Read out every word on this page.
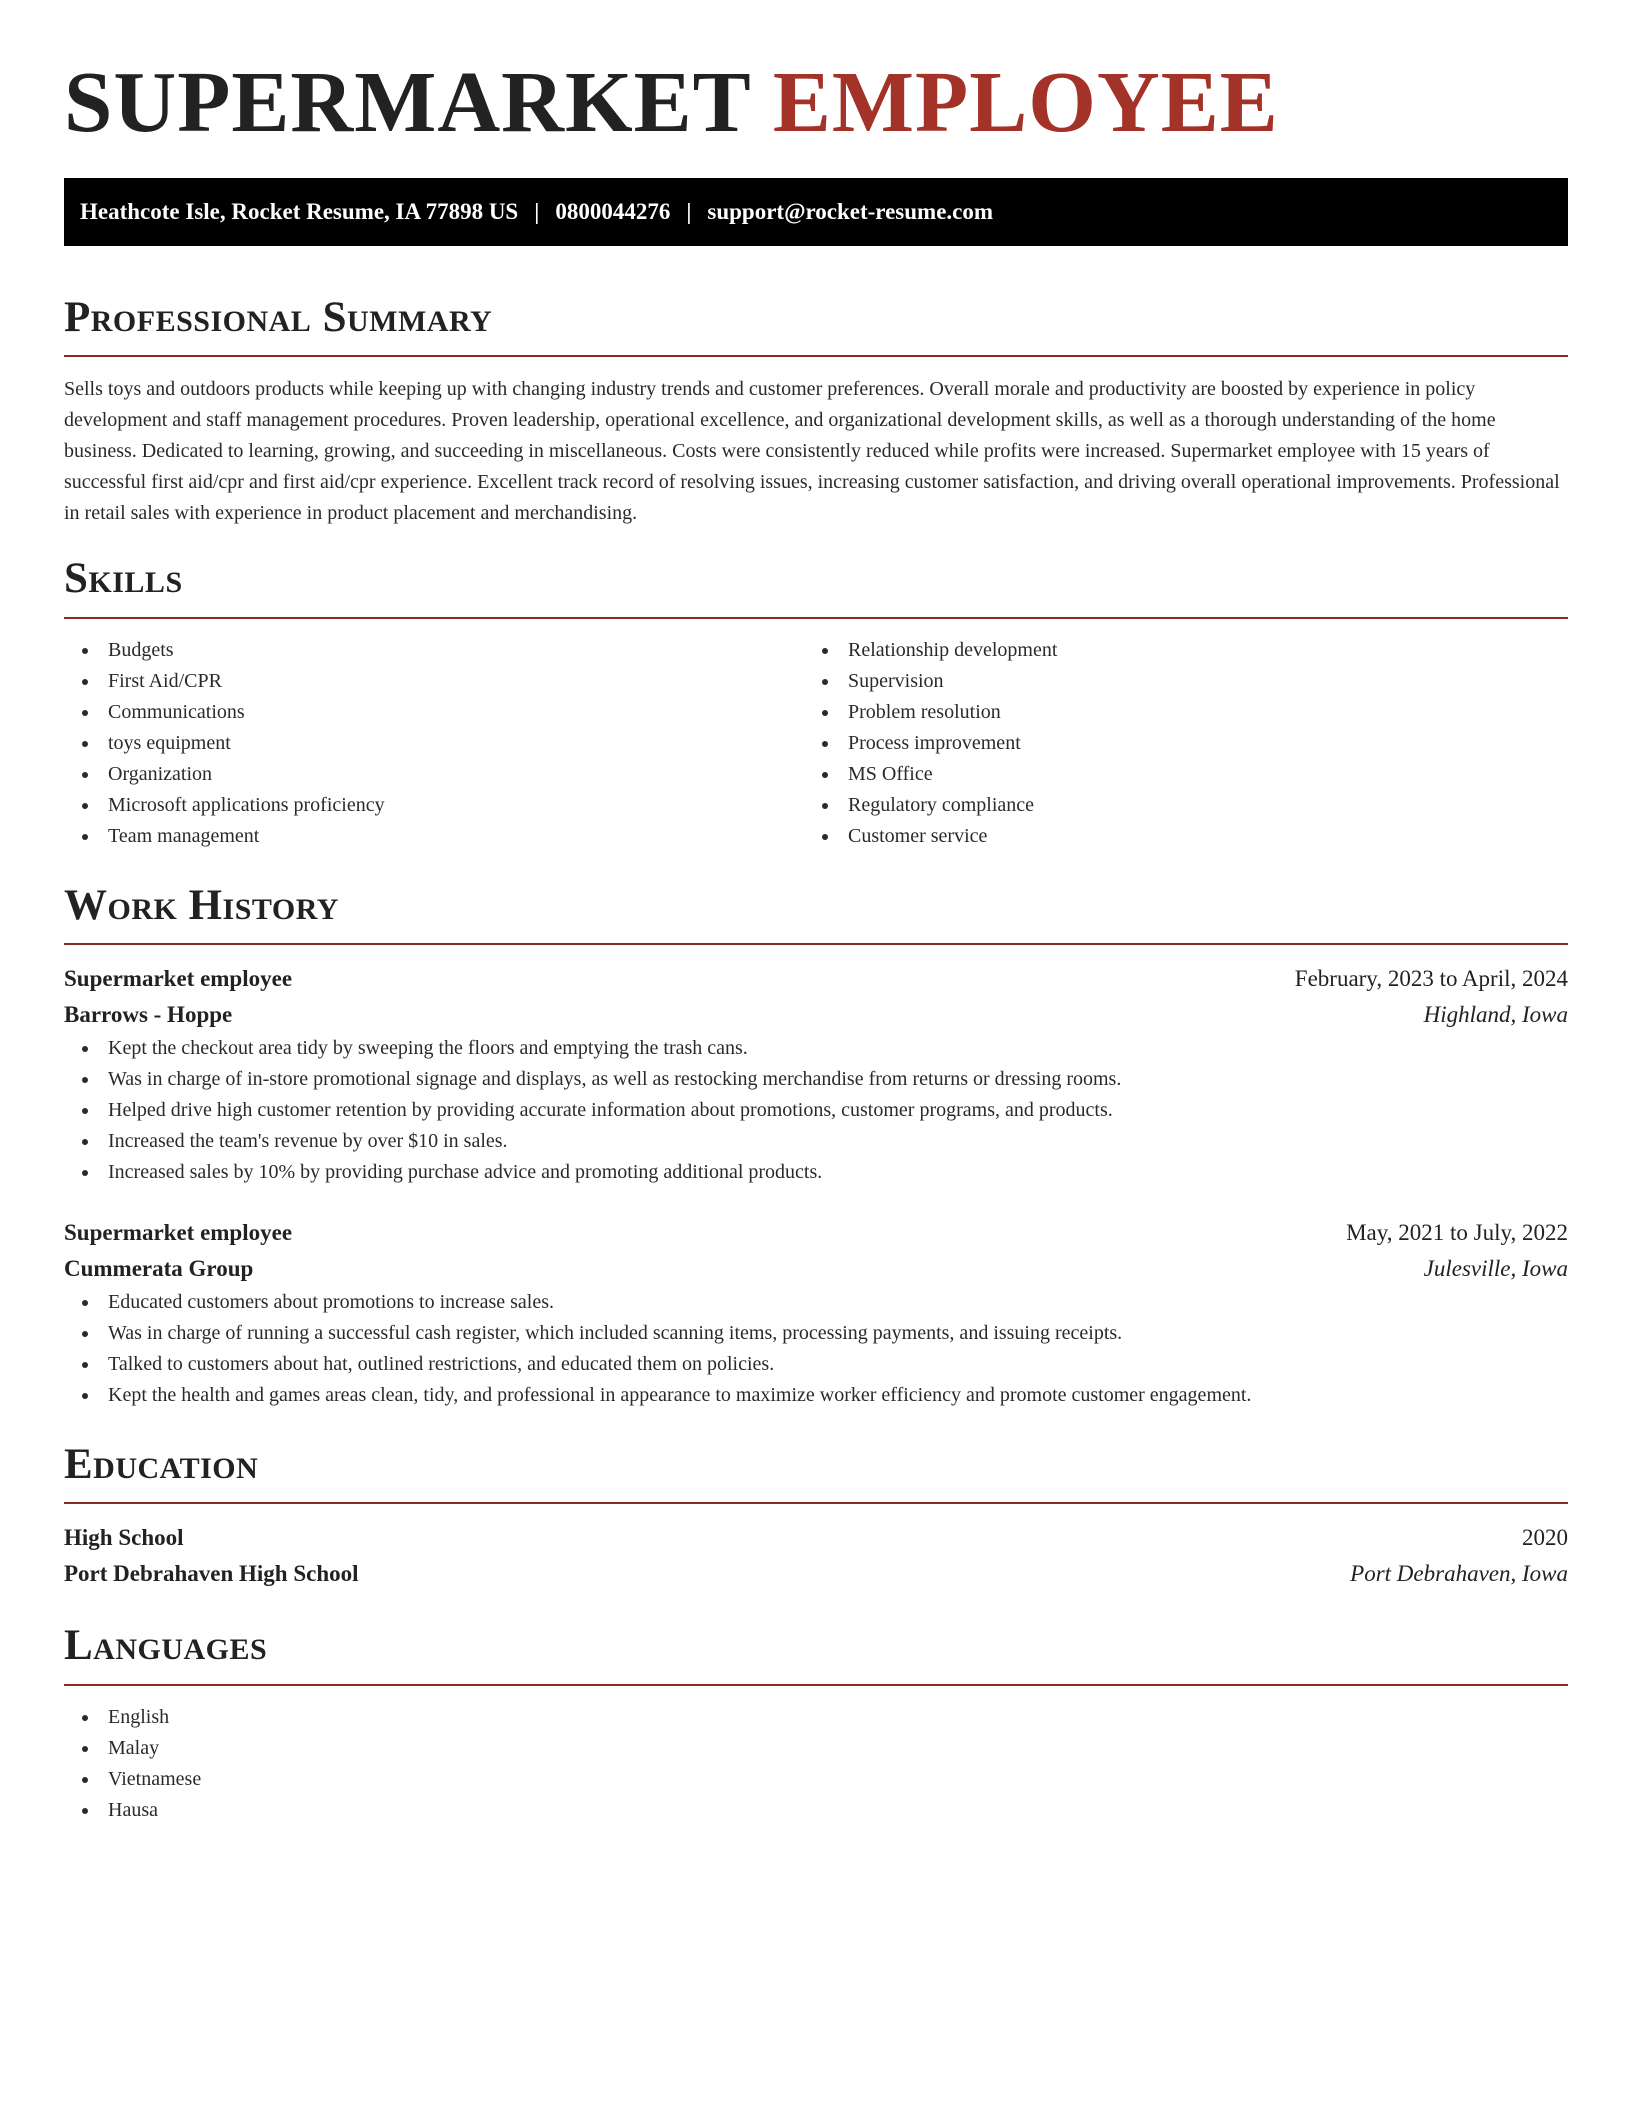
SUPERMARKET EMPLOYEE
Heathcote Isle, Rocket Resume, IA 77898 US | 0800044276 | support@rocket-resume.com
Professional Summary

Sells toys and outdoors products while keeping up with changing industry trends and customer preferences. Overall morale and productivity are boosted by experience in policy development and staff management procedures. Proven leadership, operational excellence, and organizational development skills, as well as a thorough understanding of the home business. Dedicated to learning, growing, and succeeding in miscellaneous. Costs were consistently reduced while profits were increased. Supermarket employee with 15 years of successful first aid/cpr and first aid/cpr experience. Excellent track record of resolving issues, increasing customer satisfaction, and driving overall operational improvements. Professional in retail sales with experience in product placement and merchandising.

Skills
Budgets
First Aid/CPR
Communications
toys equipment
Organization
Microsoft applications proficiency
Team management
Relationship development
Supervision
Problem resolution
Process improvement
MS Office
Regulatory compliance
Customer service
Work History
Supermarket employee	February, 2023 to April, 2024
Barrows - Hoppe	Highland, Iowa
Kept the checkout area tidy by sweeping the floors and emptying the trash cans.
Was in charge of in-store promotional signage and displays, as well as restocking merchandise from returns or dressing rooms.
Helped drive high customer retention by providing accurate information about promotions, customer programs, and products.
Increased the team's revenue by over $10 in sales.
Increased sales by 10% by providing purchase advice and promoting additional products.
Supermarket employee	May, 2021 to July, 2022
Cummerata Group	Julesville, Iowa
Educated customers about promotions to increase sales.
Was in charge of running a successful cash register, which included scanning items, processing payments, and issuing receipts.
Talked to customers about hat, outlined restrictions, and educated them on policies.
Kept the health and games areas clean, tidy, and professional in appearance to maximize worker efficiency and promote customer engagement.
Education
High School	2020
Port Debrahaven High School	Port Debrahaven, Iowa
Languages
English
Malay
Vietnamese
Hausa
